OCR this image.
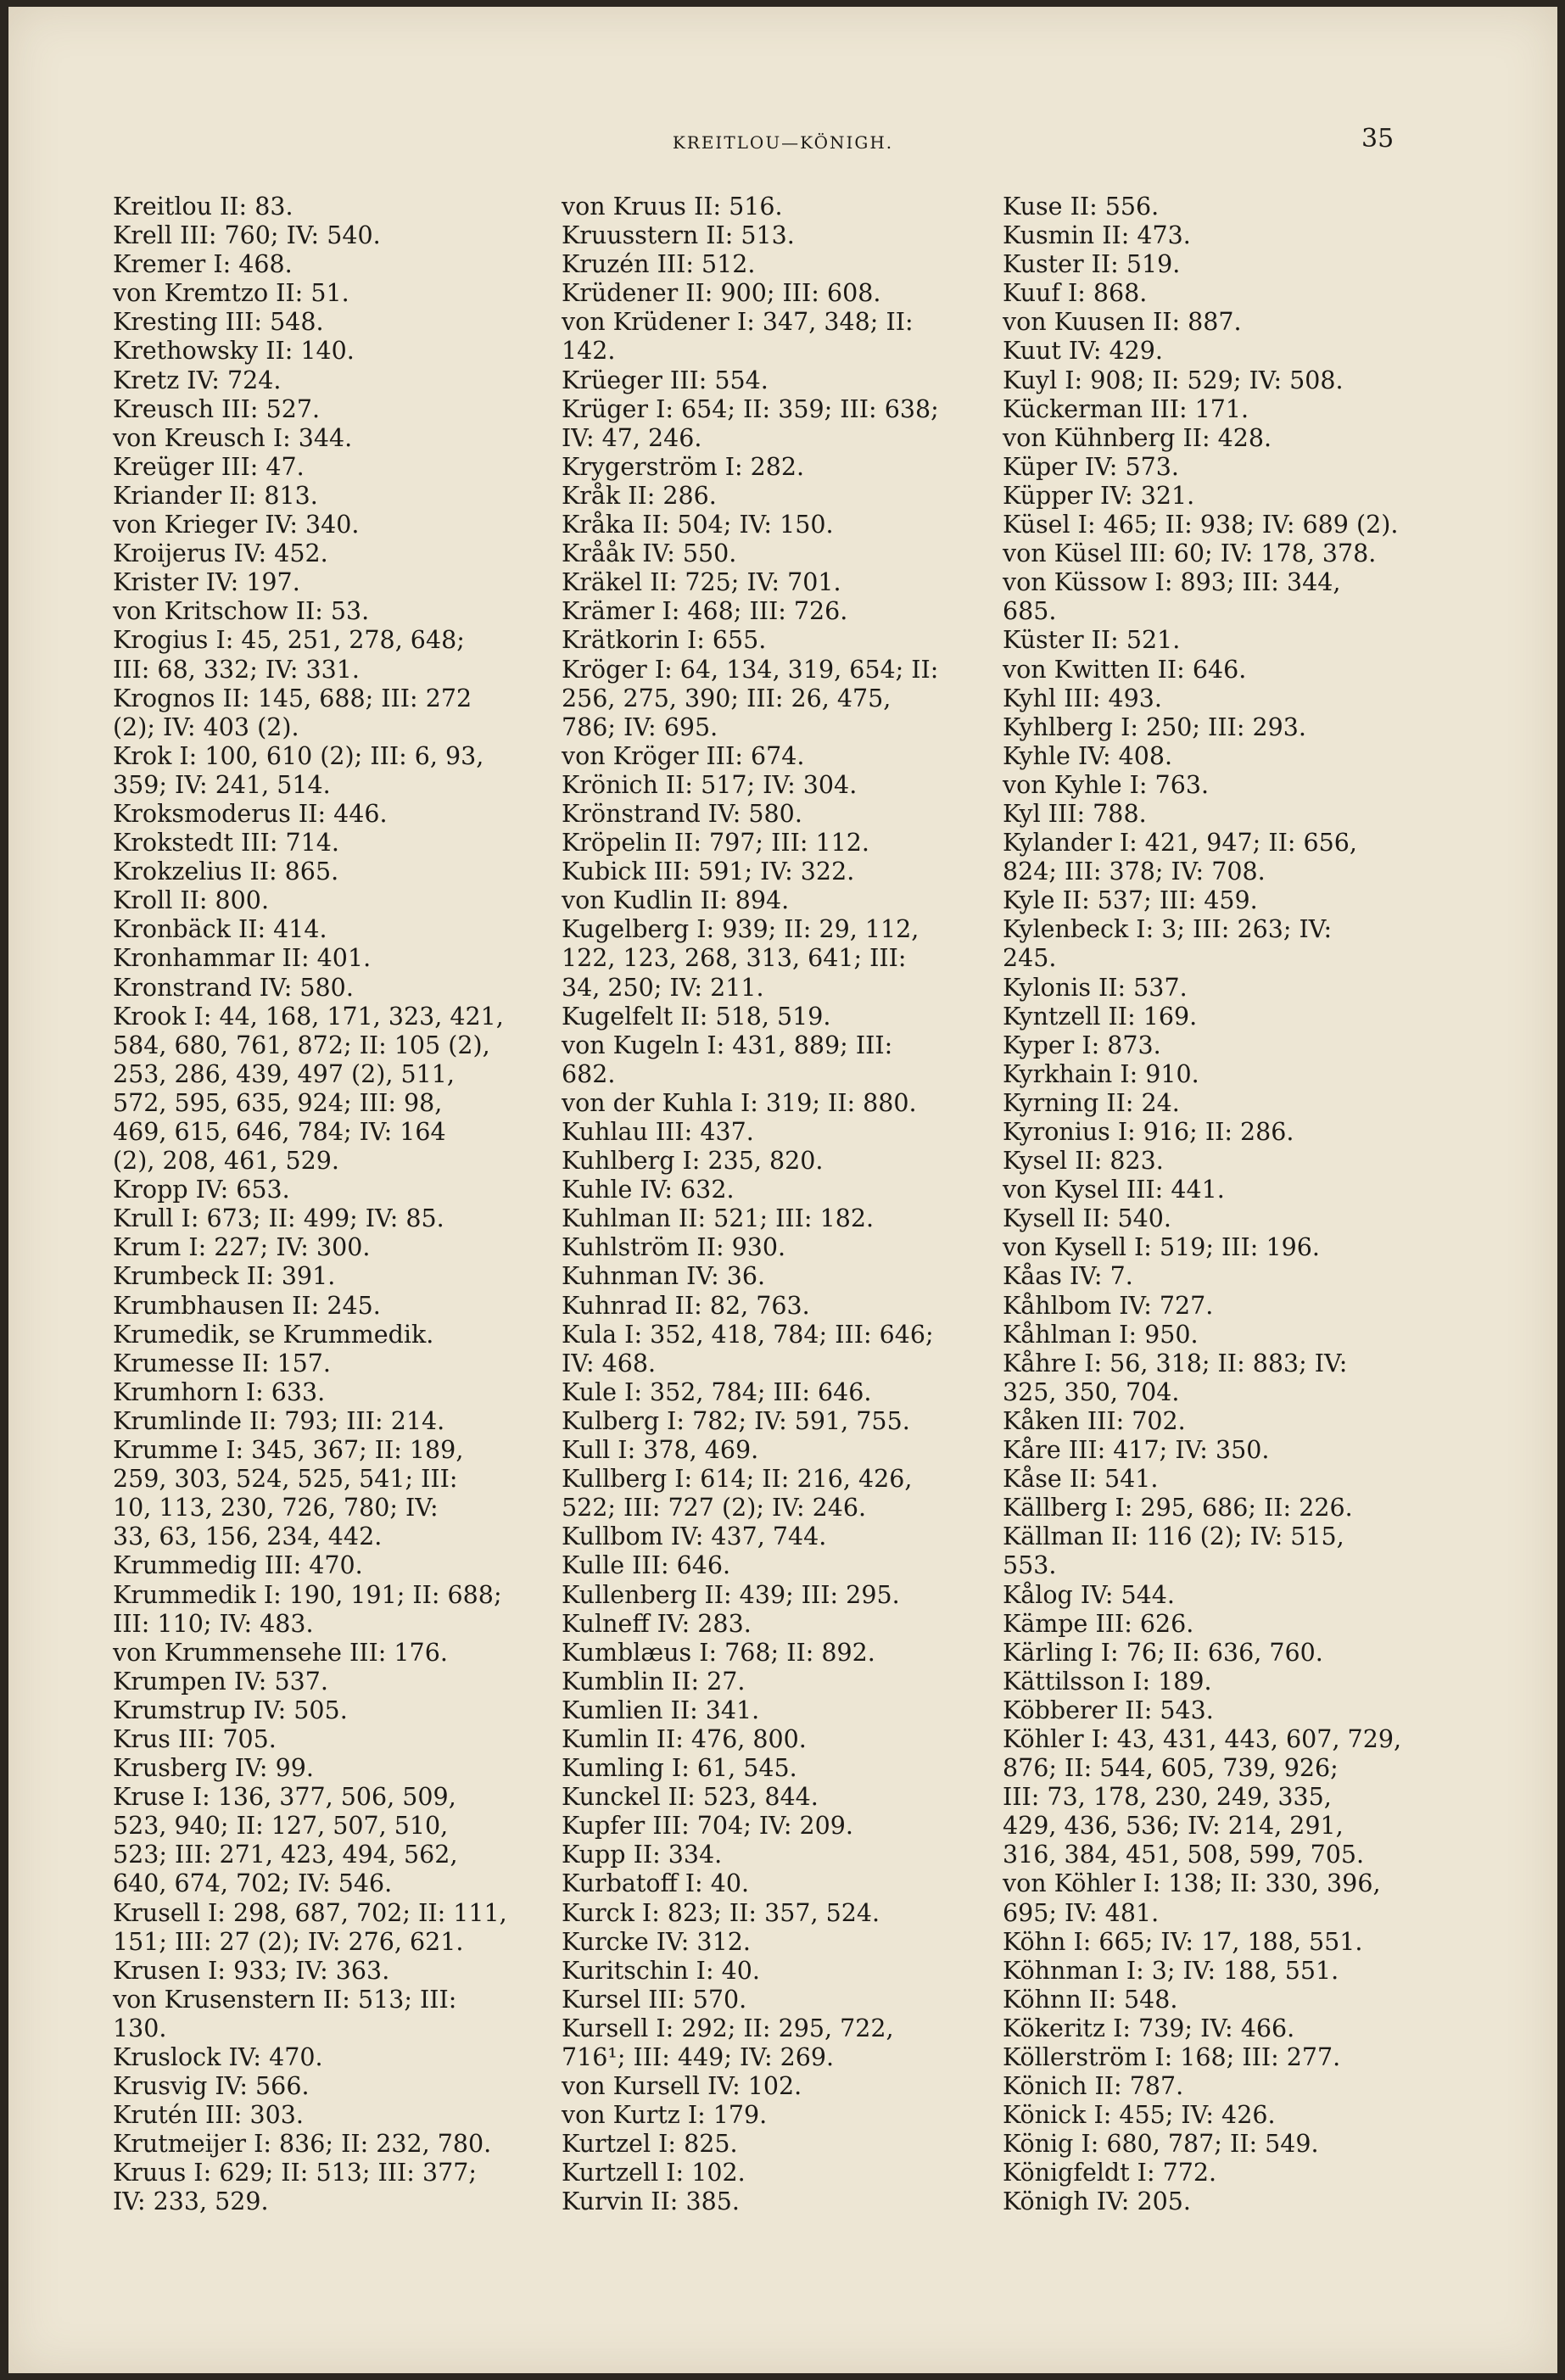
KREITLOU—KÖNIGH.	35
Kreitlou II: 83.
Krell III: 760; IV: 540.
Kremer I: 468.
von Kremtzo II: 51.
Kresting III: 548.
Krethowsky II: 140.
Kretz IV: 724.
Kreusch III: 527.
von Kreusch I: 344.
Kreüger III: 47.
Kriander II: 813.
von Krieger IV: 340.
Kroijerus IV: 452.
Krister IV: 197.
von Kritschow II: 53.
Krogius I: 45, 251, 278, 648;
III: 68, 332; IV: 331.
Krognos II: 145, 688; III: 272
(2); IV: 403 (2).
Krok I: 100, 610 (2); III: 6, 93,
359; IV: 241, 514.
Kroksmoderus II: 446.
Krokstedt III: 714.
Krokzelius II: 865.
Kroll II: 800.
Kronbäck II: 414.
Kronhammar II: 401.
Kronstrand IV: 580.
Krook I: 44, 168, 171, 323, 421,
584, 680, 761, 872; II: 105 (2),
253, 286, 439, 497 (2), 511,
572, 595, 635, 924; III: 98,
469, 615, 646, 784; IV: 164
(2), 208, 461, 529.
Kropp IV: 653.
Krull I: 673; II: 499; IV: 85.
Krum I: 227; IV: 300.
Krumbeck II: 391.
Krumbhausen II: 245.
Krumedik, se Krummedik.
Krumesse II: 157.
Krumhorn I: 633.
Krumlinde II: 793; III: 214.
Krumme I: 345, 367; II: 189,
259, 303, 524, 525, 541; III:
10, 113, 230, 726, 780; IV:
33, 63, 156, 234, 442.
Krummedig III: 470.
Krummedik I: 190, 191; II: 688;
III: 110; IV: 483.
von Krummensehe III: 176.
Krumpen IV: 537.
Krumstrup IV: 505.
Krus III: 705.
Krusberg IV: 99.
Kruse I: 136, 377, 506, 509,
523, 940; II: 127, 507, 510,
523; III: 271, 423, 494, 562,
640, 674, 702; IV: 546.
Krusell I: 298, 687, 702; II: 111,
151; III: 27 (2); IV: 276, 621.
Krusen I: 933; IV: 363.
von Krusenstern II: 513; III:
130.
Kruslock IV: 470.
Krusvig IV: 566.
Krutén III: 303.
Krutmeijer I: 836; II: 232, 780.
Kruus I: 629; II: 513; III: 377;
IV: 233, 529.
von Kruus II: 516.
Kruusstern II: 513.
Kruzén III: 512.
Krüdener II: 900; III: 608.
von Krüdener I: 347, 348; II:
142.
Krüeger III: 554.
Krüger I: 654; II: 359; III: 638;
IV: 47, 246.
Krygerström I: 282.
Kråk II: 286.
Kråka II: 504; IV: 150.
Krååk IV: 550.
Kräkel II: 725; IV: 701.
Krämer I: 468; III: 726.
Krätkorin I: 655.
Kröger I: 64, 134, 319, 654; II:
256, 275, 390; III: 26, 475,
786; IV: 695.
von Kröger III: 674.
Krönich II: 517; IV: 304.
Krönstrand IV: 580.
Kröpelin II: 797; III: 112.
Kubick III: 591; IV: 322.
von Kudlin II: 894.
Kugelberg I: 939; II: 29, 112,
122, 123, 268, 313, 641; III:
34, 250; IV: 211.
Kugelfelt II: 518, 519.
von Kugeln I: 431, 889; III:
682.
von der Kuhla I: 319; II: 880.
Kuhlau III: 437.
Kuhlberg I: 235, 820.
Kuhle IV: 632.
Kuhlman II: 521; III: 182.
Kuhlström II: 930.
Kuhnman IV: 36.
Kuhnrad II: 82, 763.
Kula I: 352, 418, 784; III: 646;
IV: 468.
Kule I: 352, 784; III: 646.
Kulberg I: 782; IV: 591, 755.
Kull I: 378, 469.
Kullberg I: 614; II: 216, 426,
522; III: 727 (2); IV: 246.
Kullbom IV: 437, 744.
Kulle III: 646.
Kullenberg II: 439; III: 295.
Kulneff IV: 283.
Kumblæus I: 768; II: 892.
Kumblin II: 27.
Kumlien II: 341.
Kumlin II: 476, 800.
Kumling I: 61, 545.
Kunckel II: 523, 844.
Kupfer III: 704; IV: 209.
Kupp II: 334.
Kurbatoff I: 40.
Kurck I: 823; II: 357, 524.
Kurcke IV: 312.
Kuritschin I: 40.
Kursel III: 570.
Kursell I: 292; II: 295, 722,
716¹; III: 449; IV: 269.
von Kursell IV: 102.
von Kurtz I: 179.
Kurtzel I: 825.
Kurtzell I: 102.
Kurvin II: 385.
Kuse II: 556.
Kusmin II: 473.
Kuster II: 519.
Kuuf I: 868.
von Kuusen II: 887.
Kuut IV: 429.
Kuyl I: 908; II: 529; IV: 508.
Kückerman III: 171.
von Kühnberg II: 428.
Küper IV: 573.
Küpper IV: 321.
Küsel I: 465; II: 938; IV: 689 (2).
von Küsel III: 60; IV: 178, 378.
von Küssow I: 893; III: 344,
685.
Küster II: 521.
von Kwitten II: 646.
Kyhl III: 493.
Kyhlberg I: 250; III: 293.
Kyhle IV: 408.
von Kyhle I: 763.
Kyl III: 788.
Kylander I: 421, 947; II: 656,
824; III: 378; IV: 708.
Kyle II: 537; III: 459.
Kylenbeck I: 3; III: 263; IV:
245.
Kylonis II: 537.
Kyntzell II: 169.
Kyper I: 873.
Kyrkhain I: 910.
Kyrning II: 24.
Kyronius I: 916; II: 286.
Kysel II: 823.
von Kysel III: 441.
Kysell II: 540.
von Kysell I: 519; III: 196.
Kåas IV: 7.
Kåhlbom IV: 727.
Kåhlman I: 950.
Kåhre I: 56, 318; II: 883; IV:
325, 350, 704.
Kåken III: 702.
Kåre III: 417; IV: 350.
Kåse II: 541.
Källberg I: 295, 686; II: 226.
Källman II: 116 (2); IV: 515,
553.
Kålog IV: 544.
Kämpe III: 626.
Kärling I: 76; II: 636, 760.
Kättilsson I: 189.
Köbberer II: 543.
Köhler I: 43, 431, 443, 607, 729,
876; II: 544, 605, 739, 926;
III: 73, 178, 230, 249, 335,
429, 436, 536; IV: 214, 291,
316, 384, 451, 508, 599, 705.
von Köhler I: 138; II: 330, 396,
695; IV: 481.
Köhn I: 665; IV: 17, 188, 551.
Köhnman I: 3; IV: 188, 551.
Köhnn II: 548.
Kökeritz I: 739; IV: 466.
Köllerström I: 168; III: 277.
Könich II: 787.
Könick I: 455; IV: 426.
König I: 680, 787; II: 549.
Königfeldt I: 772.
Königh IV: 205.
